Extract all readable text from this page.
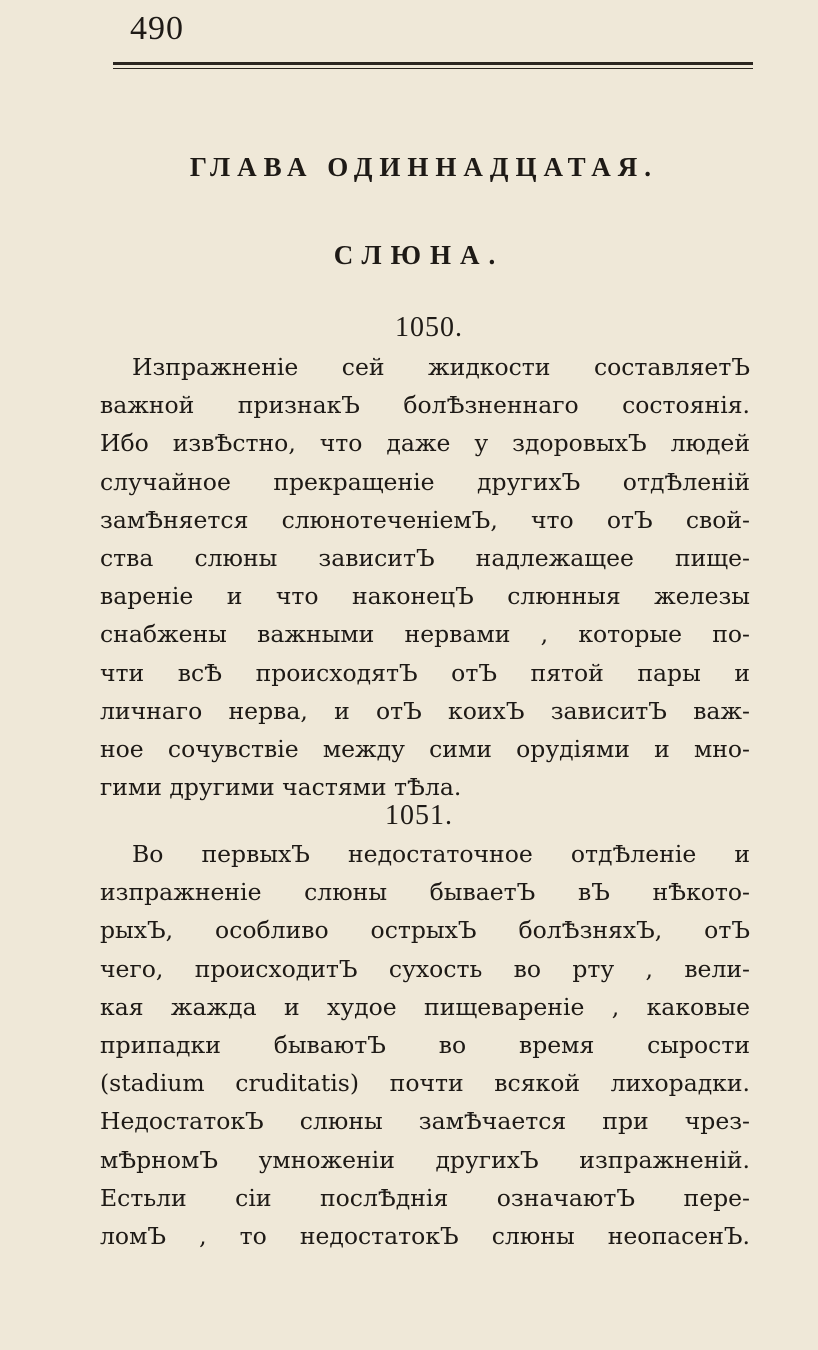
490
ГЛАВА ОДИННАДЦАТАЯ.
СЛЮНА.
1050.
Изпражненіе сей жидкости составляетЪ
важной признакЪ болѢзненнаго состоянія.
Ибо извѢстно, что даже у здоровыхЪ людей
случайное прекращеніе другихЪ отдѢленій
замѢняется слюнотеченіемЪ, что отЪ свой-
ства слюны зависитЪ надлежащее пище-
вареніе и что наконецЪ слюнныя железы
снабжены важными нервами , которые по-
чти всѢ происходятЪ отЪ пятой пары и
личнаго нерва, и отЪ коихЪ зависитЪ важ-
ное сочувствіе между сими орудіями и мно-
гими другими частями тѢла.
1051.
Во первыхЪ недостаточное отдѢленіе и
изпражненіе слюны бываетЪ вЪ нѢкото-
рыхЪ, особливо острыхЪ болѢзняхЪ, отЪ
чего, происходитЪ сухость во рту , вели-
кая жажда и худое пищевареніе , каковые
припадки бываютЪ во время сырости
(stadium cruditatis) почти всякой лихорадки.
НедостатокЪ слюны замѢчается при чрез-
мѢрномЪ умноженіи другихЪ изпражненій.
Естьли сіи послѢднія означаютЪ пере-
ломЪ , то недостатокЪ слюны неопасенЪ.
